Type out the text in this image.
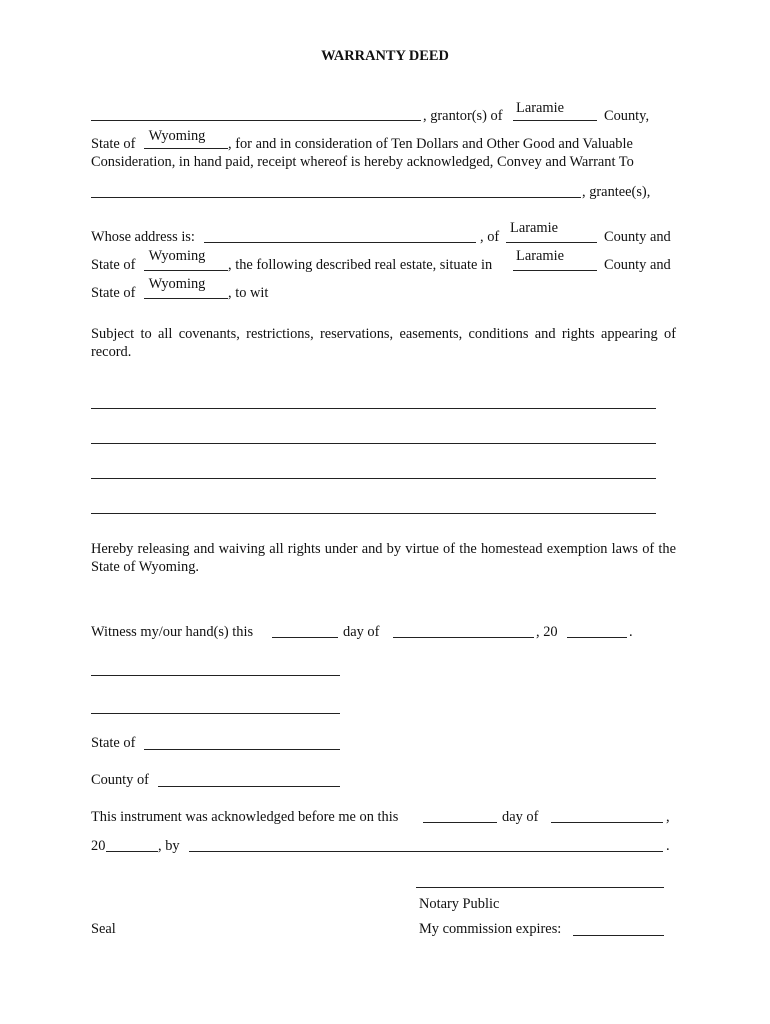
WARRANTY DEED
, grantor(s) of Laramie	County,
State of Wyoming	, for and in consideration of Ten Dollars and Other Good and Valuable
Consideration, in hand paid, receipt whereof is hereby acknowledged, Convey and Warrant To
, grantee(s),
Whose address is:	, of
Laramie
County and
State of
Wyoming
, the following described real estate, situate in
Laramie
County and
State of
Wyoming
, to wit
Subject to all covenants, restrictions, reservations, easements, conditions and rights appearing of record.
Hereby releasing and waiving all rights under and by virtue of the homestead exemption laws of the State of Wyoming.
Witness my/our hand(s) this	day of	, 20	.
State of
County of
This instrument was acknowledged before me on this	day of	,
20	, by	.
Notary Public
Seal	My commission expires:
